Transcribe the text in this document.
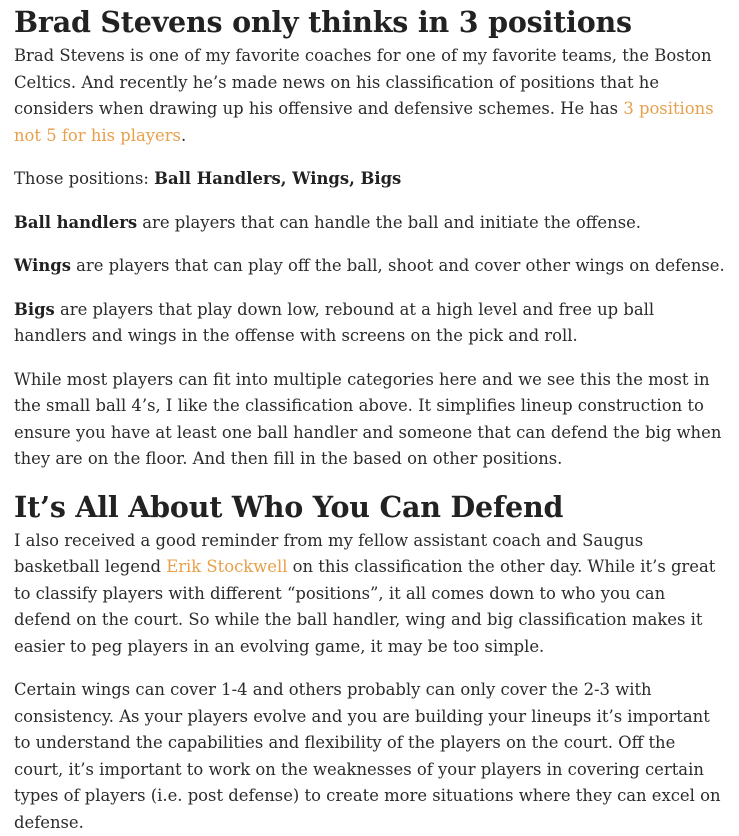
Brad Stevens only thinks in 3 positions

Brad Stevens is one of my favorite coaches for one of my favorite teams, the Boston Celtics. And recently he’s made news on his classification of positions that he considers when drawing up his offensive and defensive schemes. He has 3 positions not 5 for his players.

Those positions: Ball Handlers, Wings, Bigs

Ball handlers are players that can handle the ball and initiate the offense.

Wings are players that can play off the ball, shoot and cover other wings on defense.

Bigs are players that play down low, rebound at a high level and free up ball handlers and wings in the offense with screens on the pick and roll.

While most players can fit into multiple categories here and we see this the most in the small ball 4’s, I like the classification above. It simplifies lineup construction to ensure you have at least one ball handler and someone that can defend the big when they are on the floor. And then fill in the based on other positions.

It’s All About Who You Can Defend

I also received a good reminder from my fellow assistant coach and Saugus basketball legend Erik Stockwell on this classification the other day. While it’s great to classify players with different “positions”, it all comes down to who you can defend on the court. So while the ball handler, wing and big classification makes it easier to peg players in an evolving game, it may be too simple.

Certain wings can cover 1-4 and others probably can only cover the 2-3 with consistency. As your players evolve and you are building your lineups it’s important to understand the capabilities and flexibility of the players on the court. Off the court, it’s important to work on the weaknesses of your players in covering certain types of players (i.e. post defense) to create more situations where they can excel on defense.
